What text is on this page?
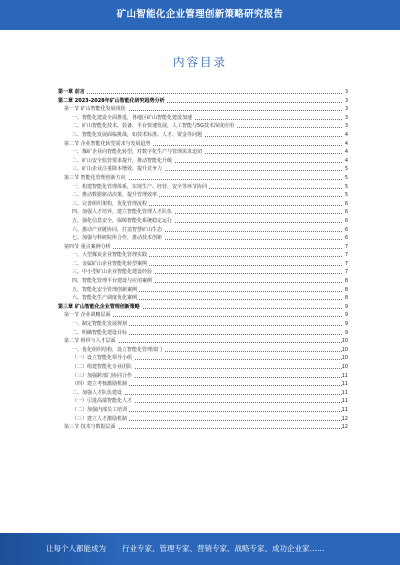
矿山智能化企业管理创新策略研究报告
内容目录
第一章 前言	3
第二章 2023-2028年矿山智能化研究趋势分析	3
第一节 矿山智能化发展现状	3
一、智能化建设全面推进，各地区矿山智能化建设加速	3
二、矿山智能化技术、装备、平台快速发展，人工智能与5G技术深度应用	3
三、智能化发展面临挑战，如技术标准、人才、资金等问题	4
第二节 企业智能化转型需求与发展趋势	4
一、煤矿企业向智能化转型，对数字化生产与管理需求迫切	4
二、矿山安全监管要求提升，推动智能化升级	4
三、矿山企业注重降本增效，提升竞争力	5
第三节 智能化管理创新方向	5
一、构建智能化管理体系，实现生产、经营、安全等环节协同	5
二、推动数据驱动决策，提升管理效率	5
三、完善组织架构，优化管理流程	6
四、加强人才培养，建立智能化管理人才队伍	6
五、强化信息安全，保障智能化系统稳定运行	6
六、推动产业链协同，打造智慧矿山生态	6
七、加强与科研院所合作，推动技术创新	6
第四节 重点案例分析	7
一、大型煤炭企业智能化管理实践	7
二、金属矿山企业智能化转型案例	7
三、中小型矿山企业智能化建设经验	7
四、智能化管理平台建设与应用案例	8
五、智能化安全管理创新案例	8
六、智能化生产调度优化案例	8
第三章 矿山智能化企业管理创新策略	9
第一节 企业战略层面	9
一、制定智能化发展规划	9
二、明确智能化建设目标	9
第二节 组织与人才层面	10
一、优化组织结构，设立智能化管理部门	10
（一）设立智能化领导小组	10
（二）组建智能化专业团队	10
（三）加强跨部门协同合作	11
（四）建立考核激励机制	11
二、加强人才队伍建设	11
（一）引进高端智能化人才	11
（二）加强内部员工培训	11
（三）建立人才激励机制	12
第三节 技术与数据层面	12
让每个人都能成为 行业专家、管理专家、营销专家、战略专家、成功企业家……
